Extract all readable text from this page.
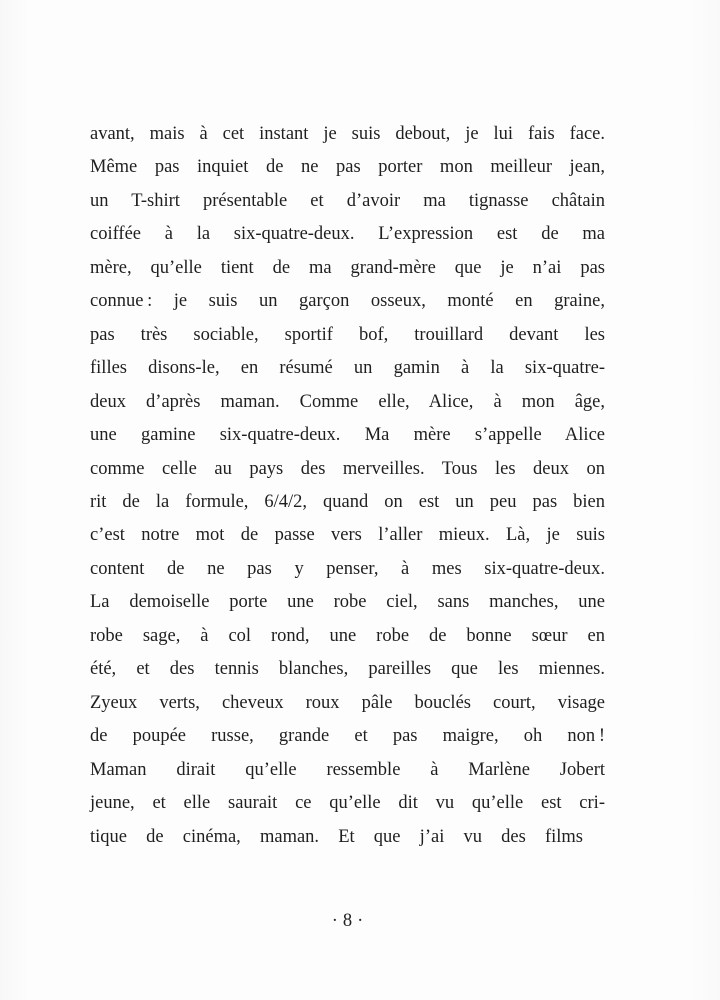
avant, mais à cet instant je suis debout, je lui fais face.
Même pas inquiet de ne pas porter mon meilleur jean,
un T-shirt présentable et d’avoir ma tignasse châtain
coiffée à la six-quatre-deux. L’expression est de ma
mère, qu’elle tient de ma grand-mère que je n’ai pas
connue : je suis un garçon osseux, monté en graine,
pas très sociable, sportif bof, trouillard devant les
filles disons-le, en résumé un gamin à la six-quatre-
deux d’après maman. Comme elle, Alice, à mon âge,
une gamine six-quatre-deux. Ma mère s’appelle Alice
comme celle au pays des merveilles. Tous les deux on
rit de la formule, 6/4/2, quand on est un peu pas bien
c’est notre mot de passe vers l’aller mieux. Là, je suis
content de ne pas y penser, à mes six-quatre-deux.
La demoiselle porte une robe ciel, sans manches, une
robe sage, à col rond, une robe de bonne sœur en
été, et des tennis blanches, pareilles que les miennes.
Zyeux verts, cheveux roux pâle bouclés court, visage
de poupée russe, grande et pas maigre, oh non !
Maman dirait qu’elle ressemble à Marlène Jobert
jeune, et elle saurait ce qu’elle dit vu qu’elle est cri-
tique de cinéma, maman. Et que j’ai vu des films
·8·
